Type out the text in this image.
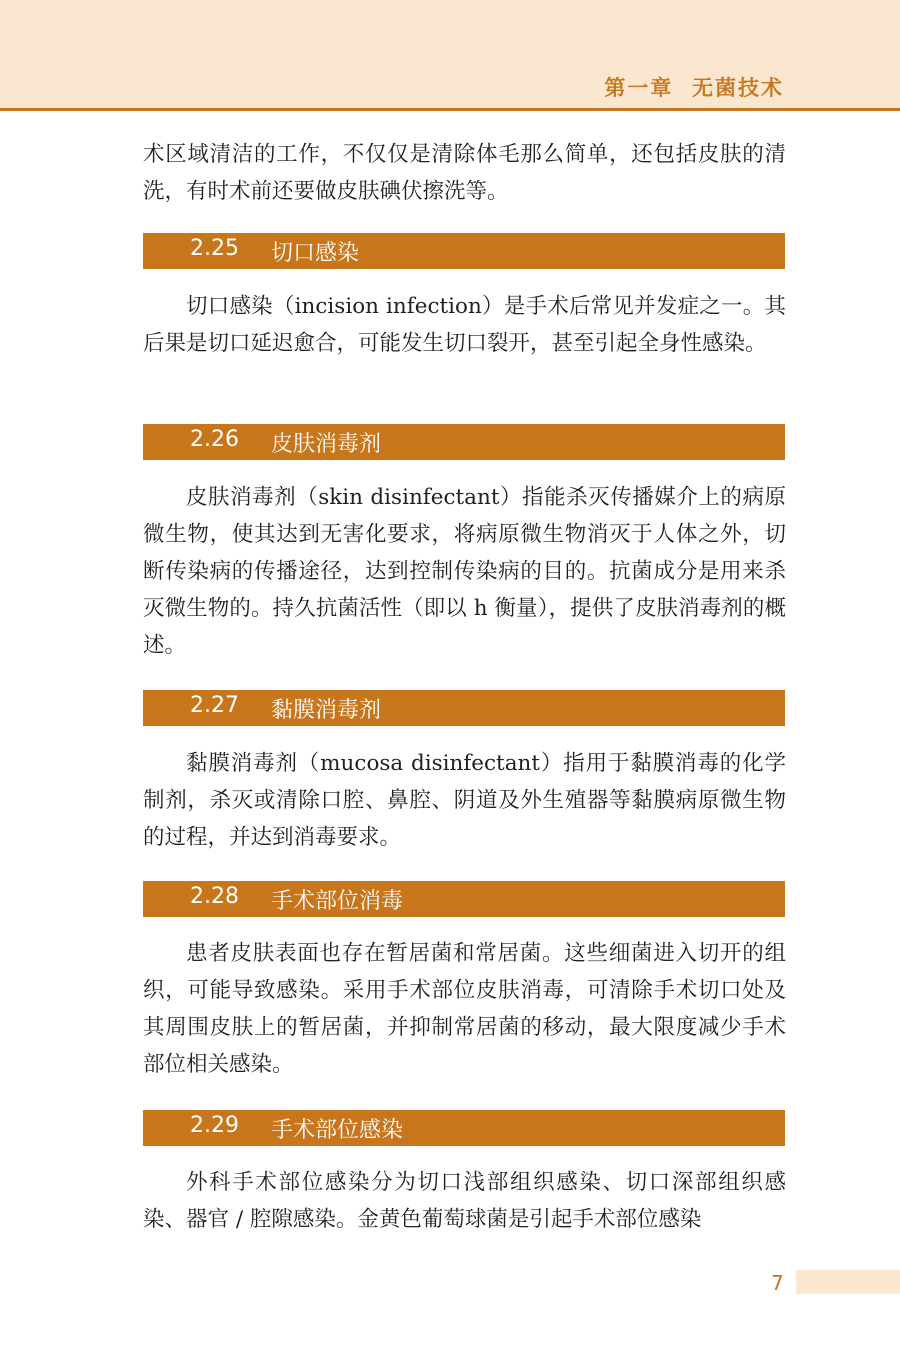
第一章  无菌技术

术区域清洁的工作，不仅仅是清除体毛那么简单，还包括皮肤的清洗，有时术前还要做皮肤碘伏擦洗等。

2.25 切口感染

切口感染（incision infection）是手术后常见并发症之一。其后果是切口延迟愈合，可能发生切口裂开，甚至引起全身性感染。

2.26 皮肤消毒剂

皮肤消毒剂（skin disinfectant）指能杀灭传播媒介上的病原微生物，使其达到无害化要求，将病原微生物消灭于人体之外，切断传染病的传播途径，达到控制传染病的目的。抗菌成分是用来杀灭微生物的。持久抗菌活性（即以 h 衡量），提供了皮肤消毒剂的概述。

2.27 黏膜消毒剂

黏膜消毒剂（mucosa disinfectant）指用于黏膜消毒的化学制剂，杀灭或清除口腔、鼻腔、阴道及外生殖器等黏膜病原微生物的过程，并达到消毒要求。

2.28 手术部位消毒

患者皮肤表面也存在暂居菌和常居菌。这些细菌进入切开的组织，可能导致感染。采用手术部位皮肤消毒，可清除手术切口处及其周围皮肤上的暂居菌，并抑制常居菌的移动，最大限度减少手术部位相关感染。

2.29 手术部位感染

外科手术部位感染分为切口浅部组织感染、切口深部组织感染、器官 / 腔隙感染。金黄色葡萄球菌是引起手术部位感染

7
